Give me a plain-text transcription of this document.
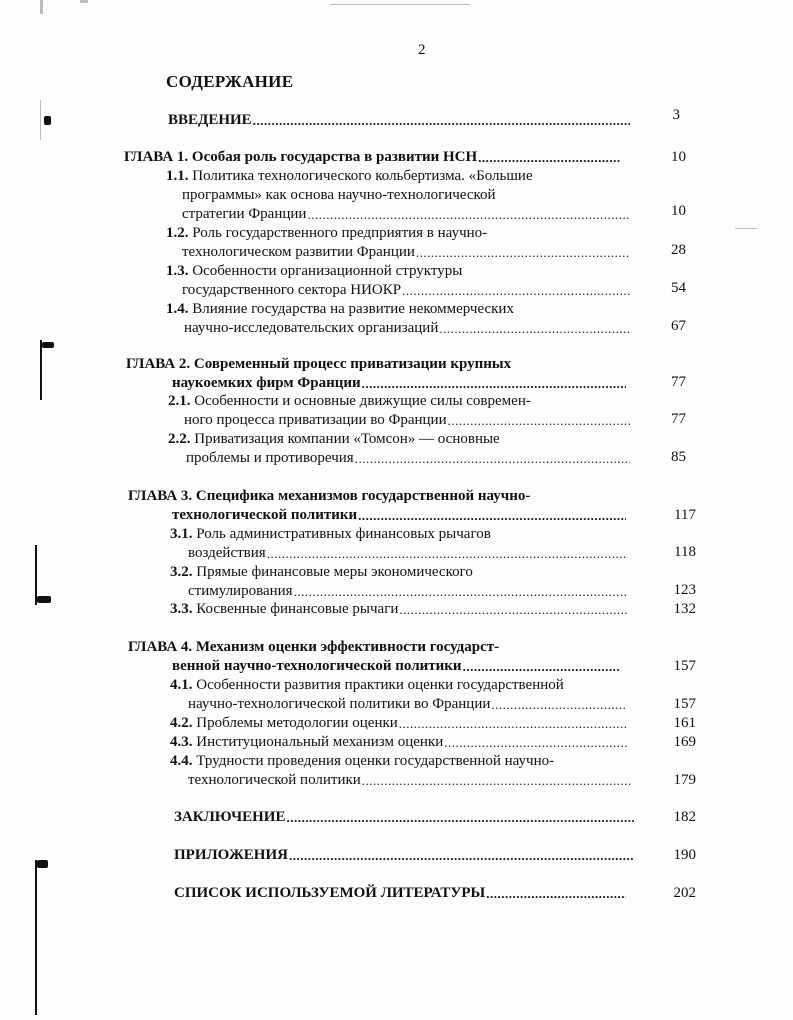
2
СОДЕРЖАНИЕ
ВВЕДЕНИЕ .....	3
ГЛАВА 1. Особая роль государства в развитии НСН .....	10
1.1. Политика технологического кольбертизма. «Большие
программы» как основа научно-технологической
стратегии Франции .....	10
1.2. Роль государственного предприятия в научно-
технологическом развитии Франции .....	28
1.3. Особенности организационной структуры
государственного сектора НИОКР .....	54
1.4. Влияние государства на развитие некоммерческих
научно-исследовательских организаций .....	67
ГЛАВА 2. Современный процесс приватизации крупных
наукоемких фирм Франции .....	77
2.1. Особенности и основные движущие силы современ-
ного процесса приватизации во Франции .....	77
2.2. Приватизация компании «Томсон» — основные
проблемы и противоречия .....	85
ГЛАВА 3. Специфика механизмов государственной научно-
технологической политики .....	117
3.1. Роль административных финансовых рычагов
воздействия .....	118
3.2. Прямые финансовые меры экономического
стимулирования .....	123
3.3. Косвенные финансовые рычаги .....	132
ГЛАВА 4. Механизм оценки эффективности государст-
венной научно-технологической политики .....	157
4.1. Особенности развития практики оценки государственной
научно-технологической политики во Франции .....	157
4.2. Проблемы методологии оценки .....	161
4.3. Институциональный механизм оценки .....	169
4.4. Трудности проведения оценки государственной научно-
технологической политики .....	179
ЗАКЛЮЧЕНИЕ .....	182
ПРИЛОЖЕНИЯ .....	190
СПИСОК ИСПОЛЬЗУЕМОЙ ЛИТЕРАТУРЫ .....	202
